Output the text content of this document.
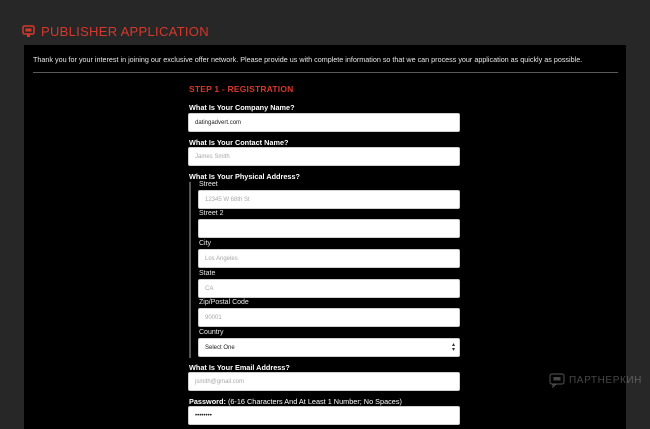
PUBLISHER APPLICATION
Thank you for your interest in joining our exclusive offer network. Please provide us with complete information so that we can process your application as quickly as possible.
STEP 1 - REGISTRATION
What Is Your Company Name?
datingadvert.com
What Is Your Contact Name?
James Smith
What Is Your Physical Address?
Street
12345 W 68th St
Street 2
City
Los Angeles
State
CA
Zip/Postal Code
90001
Country
Select One	▴
▾
What Is Your Email Address?
jsmith@gmail.com
Password: (6-16 Characters And At Least 1 Number; No Spaces)
••••••••
ПАРТНЕРКИН
